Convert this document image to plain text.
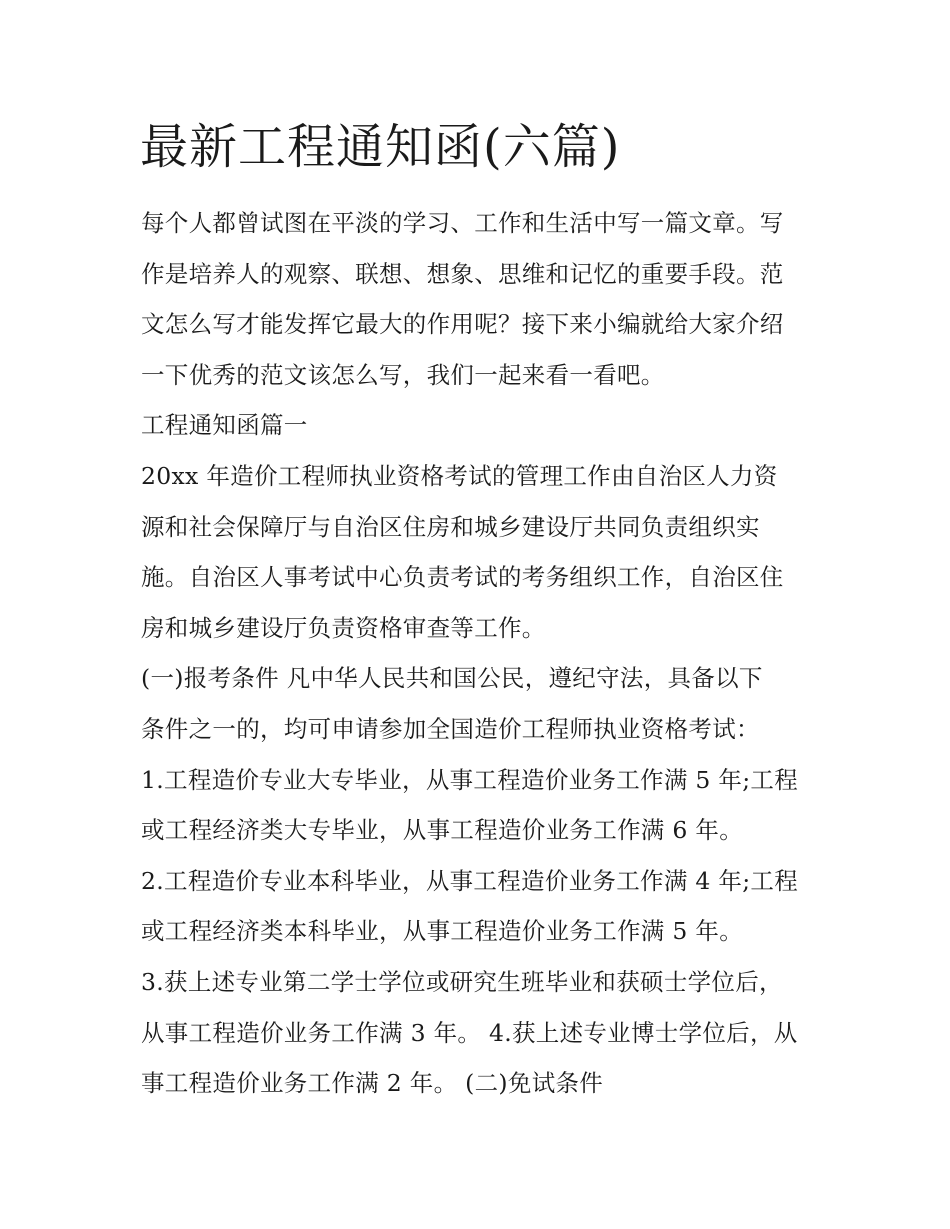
最新工程通知函(六篇)
每个人都曾试图在平淡的学习、工作和生活中写一篇文章。写
作是培养人的观察、联想、想象、思维和记忆的重要手段。范
文怎么写才能发挥它最大的作用呢？接下来小编就给大家介绍
一下优秀的范文该怎么写，我们一起来看一看吧。
工程通知函篇一
20xx 年造价工程师执业资格考试的管理工作由自治区人力资
源和社会保障厅与自治区住房和城乡建设厅共同负责组织实
施。自治区人事考试中心负责考试的考务组织工作，自治区住
房和城乡建设厅负责资格审查等工作。
(一)报考条件 凡中华人民共和国公民，遵纪守法，具备以下
条件之一的，均可申请参加全国造价工程师执业资格考试：
1.工程造价专业大专毕业，从事工程造价业务工作满 5 年;工程
或工程经济类大专毕业，从事工程造价业务工作满 6 年。
2.工程造价专业本科毕业，从事工程造价业务工作满 4 年;工程
或工程经济类本科毕业，从事工程造价业务工作满 5 年。
3.获上述专业第二学士学位或研究生班毕业和获硕士学位后，
从事工程造价业务工作满 3 年。 4.获上述专业博士学位后，从
事工程造价业务工作满 2 年。 (二)免试条件
